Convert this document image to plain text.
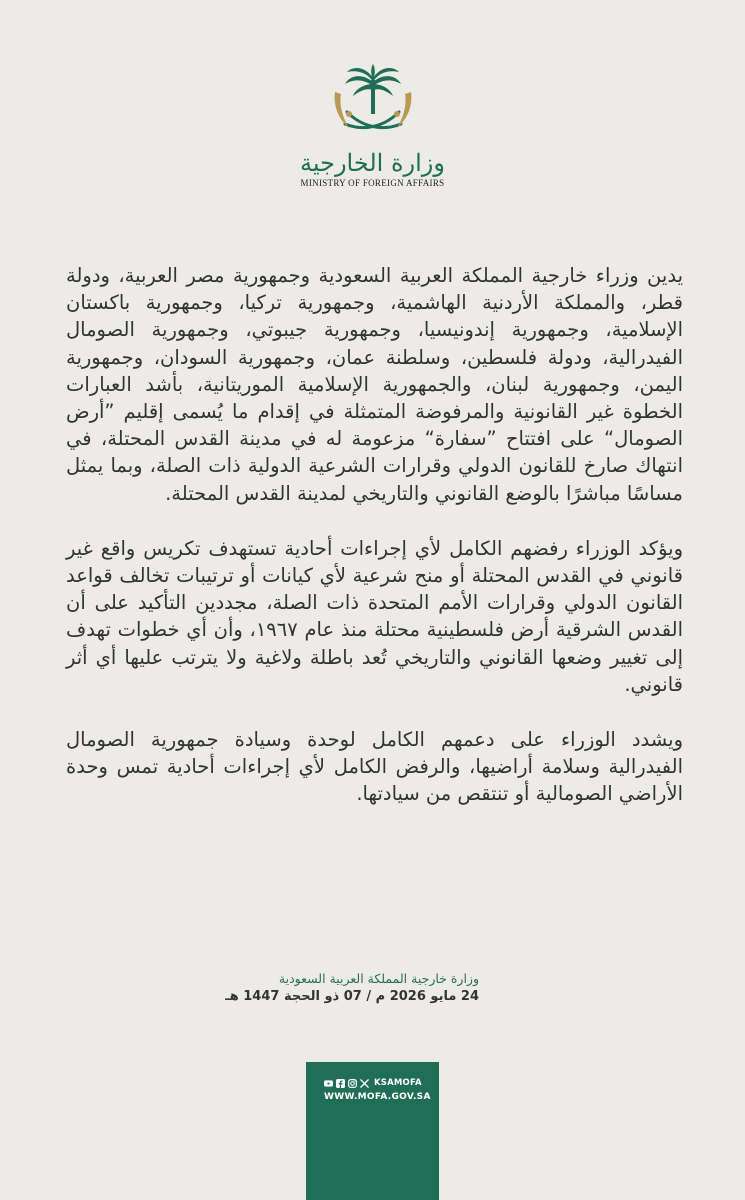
وزارة الخارجية
MINISTRY OF FOREIGN AFFAIRS

يدين وزراء خارجية المملكة العربية السعودية وجمهورية مصر العربية، ودولة قطر، والمملكة الأردنية الهاشمية، وجمهورية تركيا، وجمهورية باكستان الإسلامية، وجمهورية إندونيسيا، وجمهورية جيبوتي، وجمهورية الصومال الفيدرالية، ودولة فلسطين، وسلطنة عمان، وجمهورية السودان، وجمهورية اليمن، وجمهورية لبنان، والجمهورية الإسلامية الموريتانية، بأشد العبارات الخطوة غير القانونية والمرفوضة المتمثلة في إقدام ما يُسمى إقليم ”أرض الصومال“ على افتتاح ”سفارة“ مزعومة له في مدينة القدس المحتلة، في انتهاك صارخ للقانون الدولي وقرارات الشرعية الدولية ذات الصلة، وبما يمثل مساسًا مباشرًا بالوضع القانوني والتاريخي لمدينة القدس المحتلة.

ويؤكد الوزراء رفضهم الكامل لأي إجراءات أحادية تستهدف تكريس واقع غير قانوني في القدس المحتلة أو منح شرعية لأي كيانات أو ترتيبات تخالف قواعد القانون الدولي وقرارات الأمم المتحدة ذات الصلة، مجددين التأكيد على أن القدس الشرقية أرض فلسطينية محتلة منذ عام ١٩٦٧، وأن أي خطوات تهدف إلى تغيير وضعها القانوني والتاريخي تُعد باطلة ولاغية ولا يترتب عليها أي أثر قانوني.

ويشدد الوزراء على دعمهم الكامل لوحدة وسيادة جمهورية الصومال الفيدرالية وسلامة أراضيها، والرفض الكامل لأي إجراءات أحادية تمس وحدة الأراضي الصومالية أو تنتقص من سيادتها.

وزارة خارجية المملكة العربية السعودية
24 مايو 2026 م / 07 ذو الحجة 1447 هـ
KSAMOFA
WWW.MOFA.GOV.SA
